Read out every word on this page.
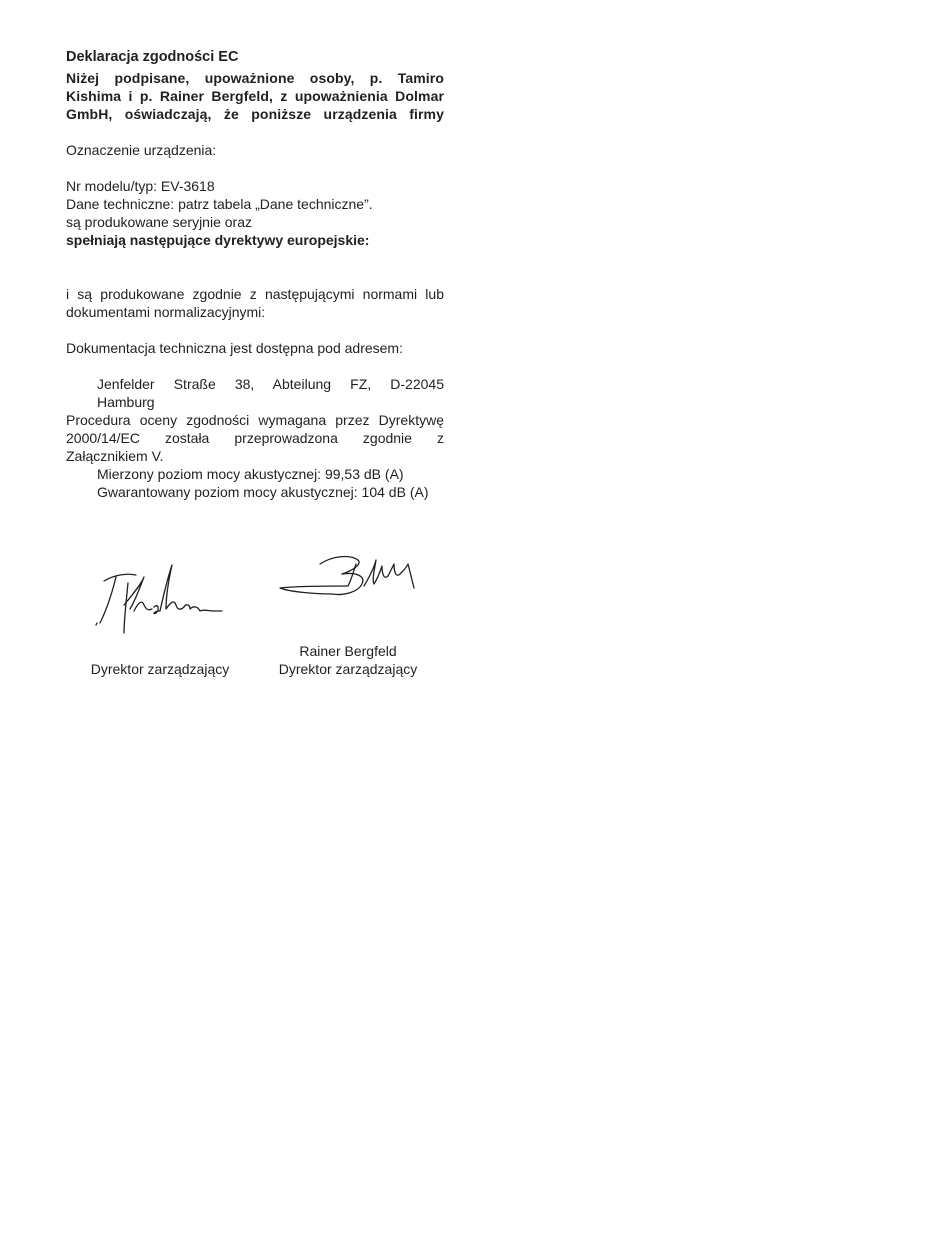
Deklaracja zgodności EC

Niżej podpisane, upoważnione osoby, p. Tamiro Kishima i p. Rainer Bergfeld, z upoważnienia Dolmar GmbH, oświadczają, że poniższe urządzenia firmy

Oznaczenie urządzenia:

Nr modelu/typ: EV-3618

Dane techniczne: patrz tabela „Dane techniczne”.

są produkowane seryjnie oraz

spełniają następujące dyrektywy europejskie:

i są produkowane zgodnie z następującymi normami lub dokumentami normalizacyjnymi:

Dokumentacja techniczna jest dostępna pod adresem:

Jenfelder Straße 38, Abteilung FZ, D-22045
Hamburg
Procedura oceny zgodności wymagana przez Dyrektywę
2000/14/EC została przeprowadzona zgodnie z
Załącznikiem V.

Mierzony poziom mocy akustycznej: 99,53 dB (A)

Gwarantowany poziom mocy akustycznej: 104 dB (A)

Rainer Bergfeld
Dyrektor zarządzający	Dyrektor zarządzający
